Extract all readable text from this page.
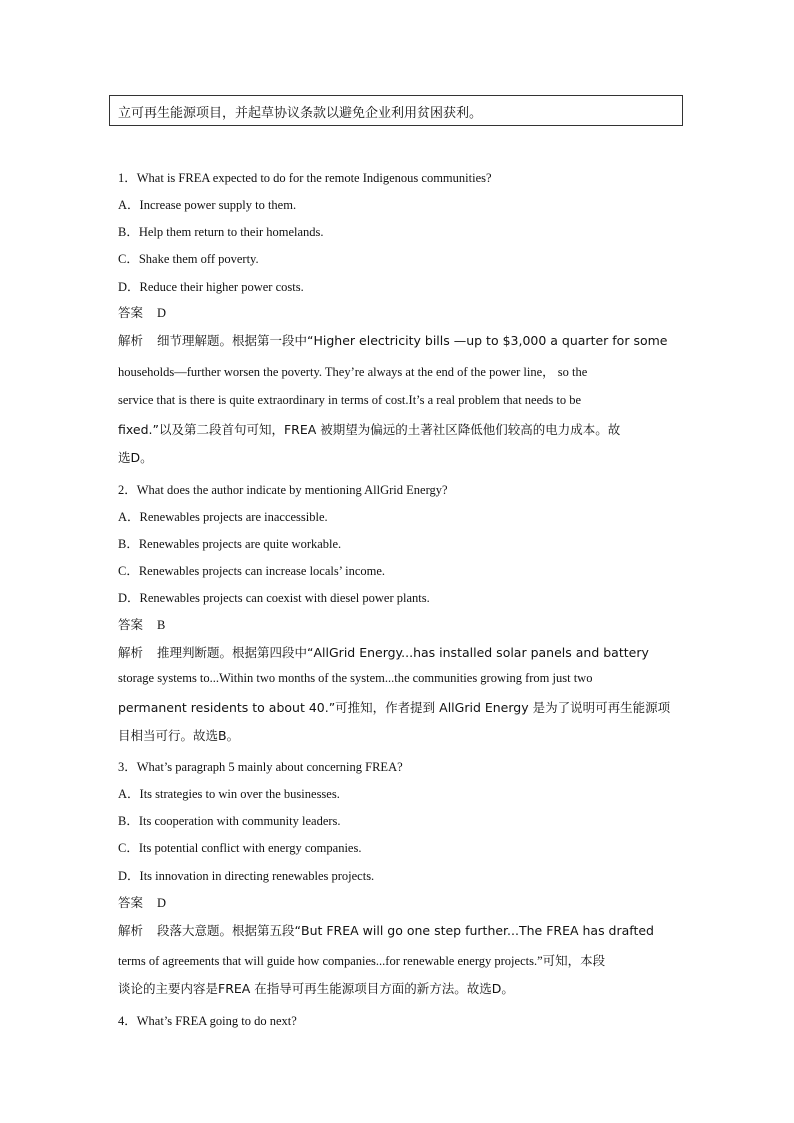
立可再生能源项目，并起草协议条款以避免企业利用贫困获利。
1．What is FREA expected to do for the remote Indigenous communities?
A．Increase power supply to them.
B．Help them return to their homelands.
C．Shake them off poverty.
D．Reduce their higher power costs.
答案 D
解析 细节理解题。根据第一段中“Higher electricity bills —up to $3,000 a quarter for some
households—further worsen the poverty. They’re always at the end of the power line， so the
service that is there is quite extraordinary in terms of cost.It’s a real problem that needs to be
fixed.”以及第二段首句可知，FREA 被期望为偏远的土著社区降低他们较高的电力成本。故
选D。
2．What does the author indicate by mentioning AllGrid Energy?
A．Renewables projects are inaccessible.
B．Renewables projects are quite workable.
C．Renewables projects can increase locals’ income.
D．Renewables projects can coexist with diesel power plants.
答案 B
解析 推理判断题。根据第四段中“AllGrid Energy...has installed solar panels and battery
storage systems to...Within two months of the system...the communities growing from just two
permanent residents to about 40.”可推知，作者提到 AllGrid Energy 是为了说明可再生能源项
目相当可行。故选B。
3．What’s paragraph 5 mainly about concerning FREA?
A．Its strategies to win over the businesses.
B．Its cooperation with community leaders.
C．Its potential conflict with energy companies.
D．Its innovation in directing renewables projects.
答案 D
解析 段落大意题。根据第五段“But FREA will go one step further...The FREA has drafted
terms of agreements that will guide how companies...for renewable energy projects.”可知，本段
谈论的主要内容是FREA 在指导可再生能源项目方面的新方法。故选D。
4．What’s FREA going to do next?
